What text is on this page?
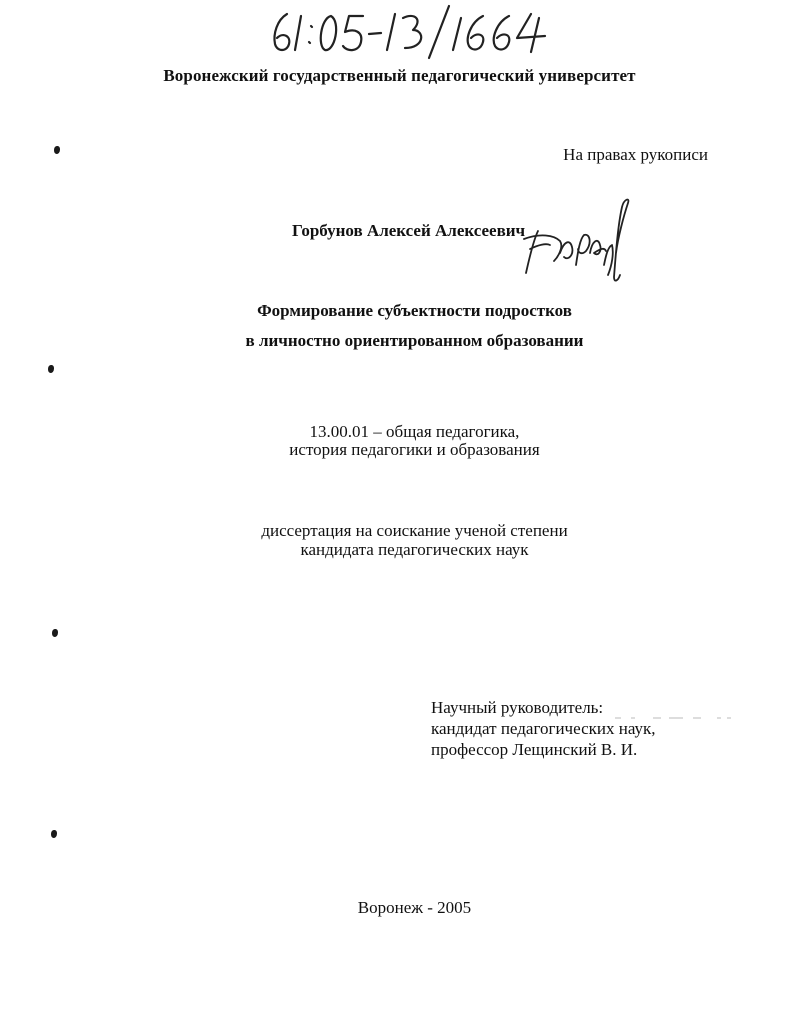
Воронежский государственный педагогический университет
На правах рукописи
Горбунов Алексей Алексеевич
Формирование субъектности подростков
в личностно ориентированном образовании
13.00.01 – общая педагогика,
история педагогики и образования
диссертация на соискание ученой степени
кандидата педагогических наук
Научный руководитель:
кандидат педагогических наук,
профессор Лещинский В. И.
Воронеж - 2005
